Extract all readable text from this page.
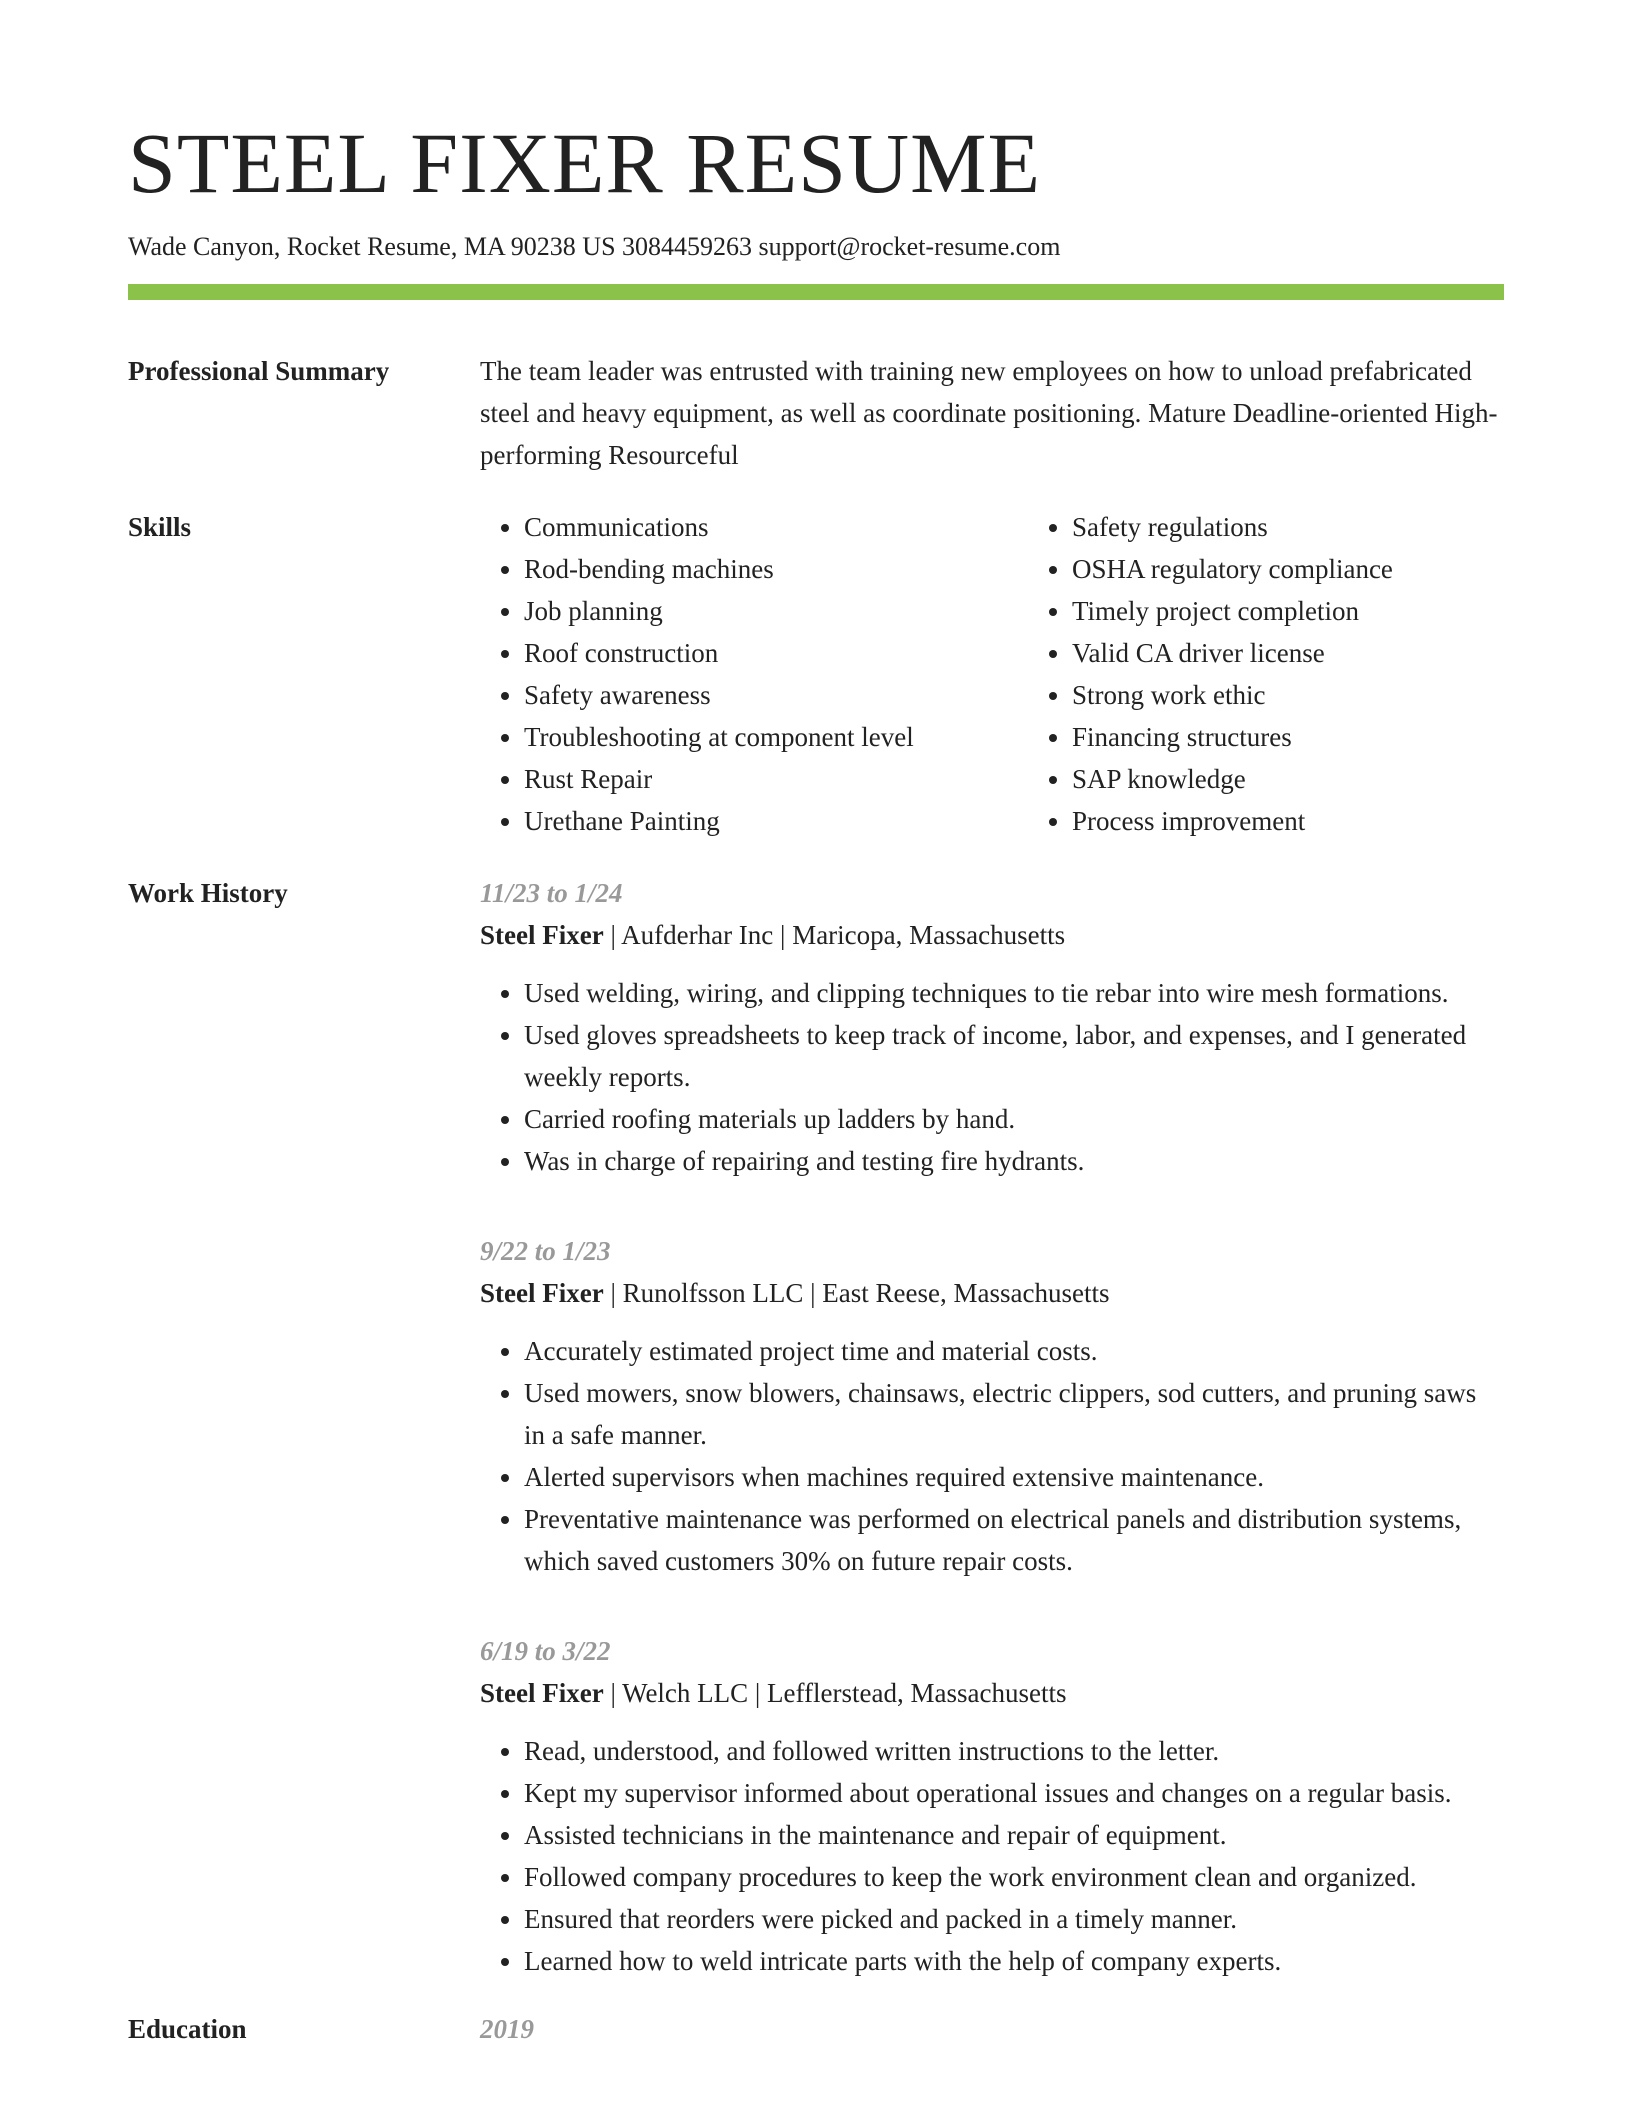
STEEL FIXER RESUME
Wade Canyon, Rocket Resume, MA 90238 US 3084459263 support@rocket-resume.com
Professional Summary	The team leader was entrusted with training new employees on how to unload prefabricated steel and heavy equipment, as well as coordinate positioning. Mature Deadline-oriented High-performing Resourceful

Skills
•	Communications
• Rod-bending machines
• Job planning
• Roof construction
• Safety awareness
• Troubleshooting at component level
• Rust Repair
• Urethane Painting
• Safety regulations
• OSHA regulatory compliance
• Timely project completion
• Valid CA driver license
• Strong work ethic
• Financing structures
• SAP knowledge
• Process improvement
Work History	11/23 to 1/24
Steel Fixer | Aufderhar Inc | Maricopa, Massachusetts
• Used welding, wiring, and clipping techniques to tie rebar into wire mesh formations.
• Used gloves spreadsheets to keep track of income, labor, and expenses, and I generated weekly reports.
• Carried roofing materials up ladders by hand.
• Was in charge of repairing and testing fire hydrants.
9/22 to 1/23
Steel Fixer | Runolfsson LLC | East Reese, Massachusetts
• Accurately estimated project time and material costs.
• Used mowers, snow blowers, chainsaws, electric clippers, sod cutters, and pruning saws in a safe manner.
• Alerted supervisors when machines required extensive maintenance.
• Preventative maintenance was performed on electrical panels and distribution systems, which saved customers 30% on future repair costs.
6/19 to 3/22
Steel Fixer | Welch LLC | Lefflerstead, Massachusetts
• Read, understood, and followed written instructions to the letter.
• Kept my supervisor informed about operational issues and changes on a regular basis.
• Assisted technicians in the maintenance and repair of equipment.
• Followed company procedures to keep the work environment clean and organized.
• Ensured that reorders were picked and packed in a timely manner.
• Learned how to weld intricate parts with the help of company experts.
Education	2019
